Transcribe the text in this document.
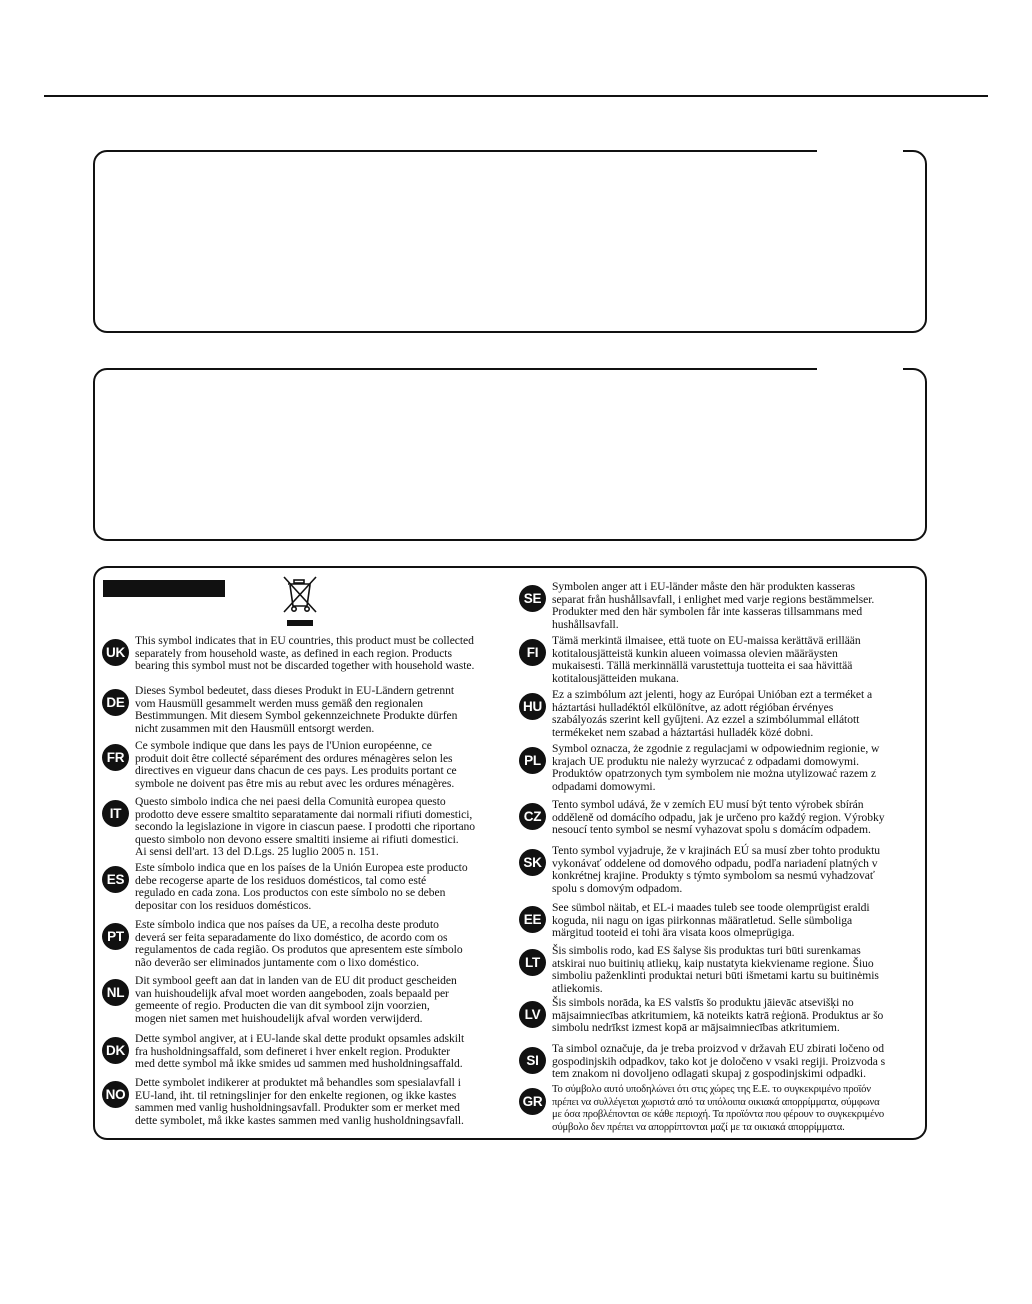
UK
This symbol indicates that in EU countries, this product must be collected
separately from household waste, as defined in each region. Products
bearing this symbol must not be discarded together with household waste.
DE
Dieses Symbol bedeutet, dass dieses Produkt in EU-Ländern getrennt
vom Hausmüll gesammelt werden muss gemäß den regionalen
Bestimmungen. Mit diesem Symbol gekennzeichnete Produkte dürfen
nicht zusammen mit den Hausmüll entsorgt werden.
FR
Ce symbole indique que dans les pays de l'Union européenne, ce
produit doit être collecté séparément des ordures ménagères selon les
directives en vigueur dans chacun de ces pays. Les produits portant ce
symbole ne doivent pas être mis au rebut avec les ordures ménagères.
IT
Questo simbolo indica che nei paesi della Comunità europea questo
prodotto deve essere smaltito separatamente dai normali rifiuti domestici,
secondo la legislazione in vigore in ciascun paese. I prodotti che riportano
questo simbolo non devono essere smaltiti insieme ai rifiuti domestici.
Ai sensi dell'art. 13 del D.Lgs. 25 luglio 2005 n. 151.
ES
Este símbolo indica que en los países de la Unión Europea este producto
debe recogerse aparte de los residuos domésticos, tal como esté
regulado en cada zona. Los productos con este símbolo no se deben
depositar con los residuos domésticos.
PT
Este símbolo indica que nos países da UE, a recolha deste produto
deverá ser feita separadamente do lixo doméstico, de acordo com os
regulamentos de cada região. Os produtos que apresentem este símbolo
não deverão ser eliminados juntamente com o lixo doméstico.
NL
Dit symbool geeft aan dat in landen van de EU dit product gescheiden
van huishoudelijk afval moet worden aangeboden, zoals bepaald per
gemeente of regio. Producten die van dit symbool zijn voorzien,
mogen niet samen met huishoudelijk afval worden verwijderd.
DK
Dette symbol angiver, at i EU-lande skal dette produkt opsamles adskilt
fra husholdningsaffald, som defineret i hver enkelt region. Produkter
med dette symbol må ikke smides ud sammen med husholdningsaffald.
NO
Dette symbolet indikerer at produktet må behandles som spesialavfall i
EU-land, iht. til retningslinjer for den enkelte regionen, og ikke kastes
sammen med vanlig husholdningsavfall. Produkter som er merket med
dette symbolet, må ikke kastes sammen med vanlig husholdningsavfall.
SE
Symbolen anger att i EU-länder måste den här produkten kasseras
separat från hushållsavfall, i enlighet med varje regions bestämmelser.
Produkter med den här symbolen får inte kasseras tillsammans med
hushållsavfall.
FI
Tämä merkintä ilmaisee, että tuote on EU-maissa kerättävä erillään
kotitalousjätteistä kunkin alueen voimassa olevien määräysten
mukaisesti. Tällä merkinnällä varustettuja tuotteita ei saa hävittää
kotitalousjätteiden mukana.
HU
Ez a szimbólum azt jelenti, hogy az Európai Unióban ezt a terméket a
háztartási hulladéktól elkülönítve, az adott régióban érvényes
szabályozás szerint kell gyűjteni. Az ezzel a szimbólummal ellátott
termékeket nem szabad a háztartási hulladék közé dobni.
PL
Symbol oznacza, że zgodnie z regulacjami w odpowiednim regionie, w
krajach UE produktu nie należy wyrzucać z odpadami domowymi.
Produktów opatrzonych tym symbolem nie można utylizować razem z
odpadami domowymi.
CZ
Tento symbol udává, že v zemích EU musí být tento výrobek sbírán
odděleně od domácího odpadu, jak je určeno pro každý region. Výrobky
nesoucí tento symbol se nesmí vyhazovat spolu s domácím odpadem.
SK
Tento symbol vyjadruje, že v krajinách EÚ sa musí zber tohto produktu
vykonávať oddelene od domového odpadu, podľa nariadení platných v
konkrétnej krajine. Produkty s týmto symbolom sa nesmú vyhadzovať
spolu s domovým odpadom.
EE
See sümbol näitab, et EL-i maades tuleb see toode olemprügist eraldi
koguda, nii nagu on igas piirkonnas määratletud. Selle sümboliga
märgitud tooteid ei tohi ära visata koos olmeprügiga.
LT
Šis simbolis rodo, kad ES šalyse šis produktas turi būti surenkamas
atskirai nuo buitinių atliekų, kaip nustatyta kiekviename regione. Šiuo
simboliu paženklinti produktai neturi būti išmetami kartu su buitinėmis
atliekomis.
LV
Šis simbols norāda, ka ES valstīs šo produktu jāievāc atsevišķi no
mājsaimniecības atkritumiem, kā noteikts katrā reģionā. Produktus ar šo
simbolu nedrīkst izmest kopā ar mājsaimniecības atkritumiem.
SI
Ta simbol označuje, da je treba proizvod v državah EU zbirati ločeno od
gospodinjskih odpadkov, tako kot je določeno v vsaki regiji. Proizvoda s
tem znakom ni dovoljeno odlagati skupaj z gospodinjskimi odpadki.
GR
Το σύμβολο αυτό υποδηλώνει ότι στις χώρες της Ε.Ε. το συγκεκριμένο προϊόν
πρέπει να συλλέγεται χωριστά από τα υπόλοιπα οικιακά απορρίμματα, σύμφωνα
με όσα προβλέπονται σε κάθε περιοχή. Τα προϊόντα που φέρουν το συγκεκριμένο
σύμβολο δεν πρέπει να απορρίπτονται μαζί με τα οικιακά απορρίμματα.
